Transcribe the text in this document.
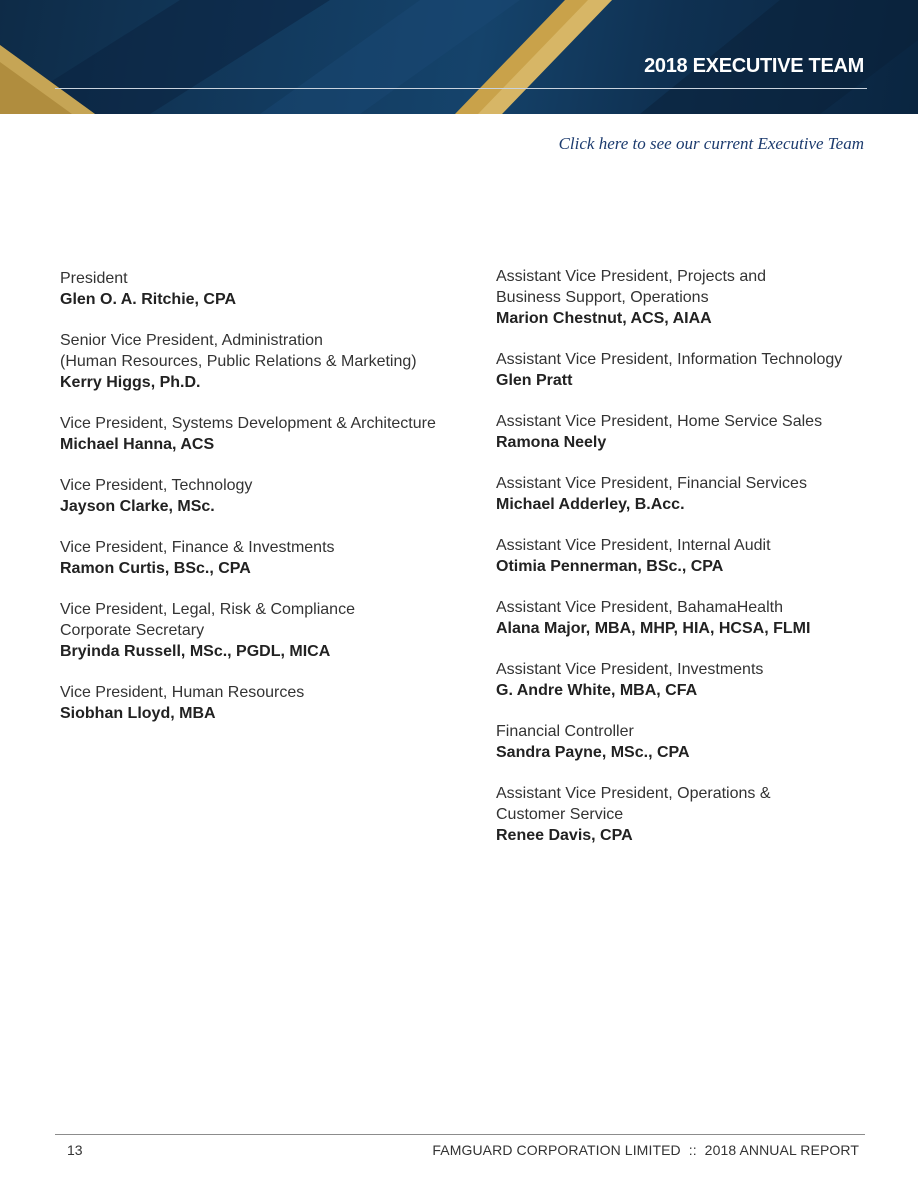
2018 EXECUTIVE TEAM
Click here to see our current Executive Team
President
Glen O. A. Ritchie, CPA
Senior Vice President, Administration
(Human Resources, Public Relations & Marketing)
Kerry Higgs, Ph.D.
Vice President, Systems Development & Architecture
Michael Hanna, ACS
Vice President, Technology
Jayson Clarke, MSc.
Vice President, Finance & Investments
Ramon Curtis, BSc., CPA
Vice President, Legal, Risk & Compliance
Corporate Secretary
Bryinda Russell, MSc., PGDL, MICA
Vice President, Human Resources
Siobhan Lloyd, MBA
Assistant Vice President, Projects and
Business Support, Operations
Marion Chestnut, ACS, AIAA
Assistant Vice President, Information Technology
Glen Pratt
Assistant Vice President, Home Service Sales
Ramona Neely
Assistant Vice President, Financial Services
Michael Adderley, B.Acc.
Assistant Vice President, Internal Audit
Otimia Pennerman, BSc., CPA
Assistant Vice President, BahamaHealth
Alana Major, MBA, MHP, HIA, HCSA, FLMI
Assistant Vice President, Investments
G. Andre White, MBA, CFA
Financial Controller
Sandra Payne, MSc., CPA
Assistant Vice President, Operations &
Customer Service
Renee Davis, CPA
13	FAMGUARD CORPORATION LIMITED  ::  2018 ANNUAL REPORT
